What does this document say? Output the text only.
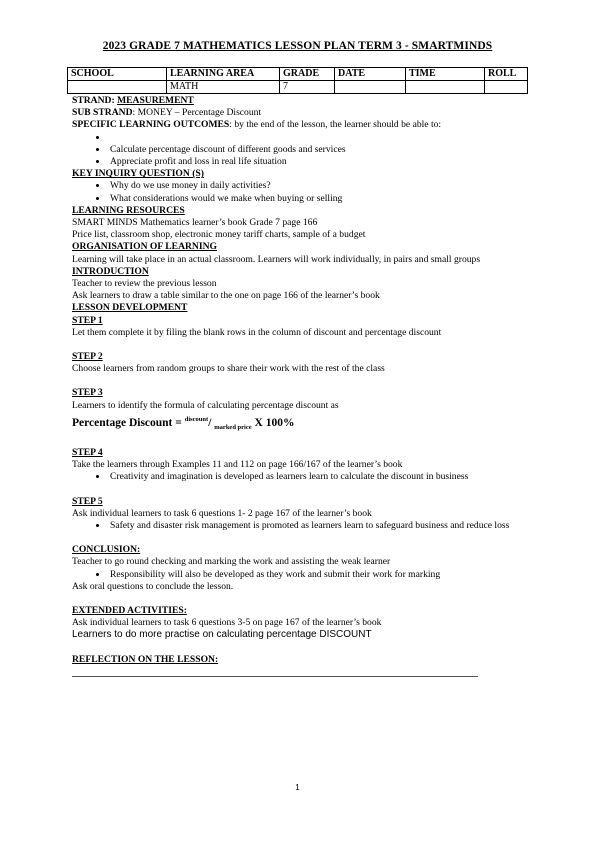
2023 GRADE 7 MATHEMATICS LESSON PLAN TERM 3 - SMARTMINDS
SCHOOL	LEARNING AREA	GRADE	DATE	TIME	ROLL
	MATH	7			

STRAND: MEASUREMENT

SUB STRAND: MONEY – Percentage Discount

SPECIFIC LEARNING OUTCOMES: by the end of the lesson, the learner should be able to:

•
• Calculate percentage discount of different goods and services
• Appreciate profit and loss in real life situation

KEY INQUIRY QUESTION (S)

• Why do we use money in daily activities?
• What considerations would we make when buying or selling

LEARNING RESOURCES

SMART MINDS Mathematics learner’s book Grade 7 page 166

Price list, classroom shop, electronic money tariff charts, sample of a budget

ORGANISATION OF LEARNING

Learning will take place in an actual classroom. Learners will work individually, in pairs and small groups

INTRODUCTION

Teacher to review the previous lesson

Ask learners to draw a table similar to the one on page 166 of the learner’s book

LESSON DEVELOPMENT

STEP 1

Let them complete it by filing the blank rows in the column of discount and percentage discount

STEP 2

Choose learners from random groups to share their work with the rest of the class

STEP 3

Learners to identify the formula of calculating percentage discount as

Percentage Discount = $^{discount}$/ $_{marked price}$ X 100%

STEP 4

Take the learners through Examples 11 and 112 on page 166/167 of the learner’s book

• Creativity and imagination is developed as learners learn to calculate the discount in business

STEP 5

Ask individual learners to task 6 questions 1- 2 page 167 of the learner’s book

• Safety and disaster risk management is promoted as learners learn to safeguard business and reduce loss

CONCLUSION:

Teacher to go round checking and marking the work and assisting the weak learner

• Responsibility will also be developed as they work and submit their work for marking

Ask oral questions to conclude the lesson.

EXTENDED ACTIVITIES:

Ask individual learners to task 6 questions 3-5 on page 167 of the learner’s book

Learners to do more practise on calculating percentage DISCOUNT

REFLECTION ON THE LESSON:

1
